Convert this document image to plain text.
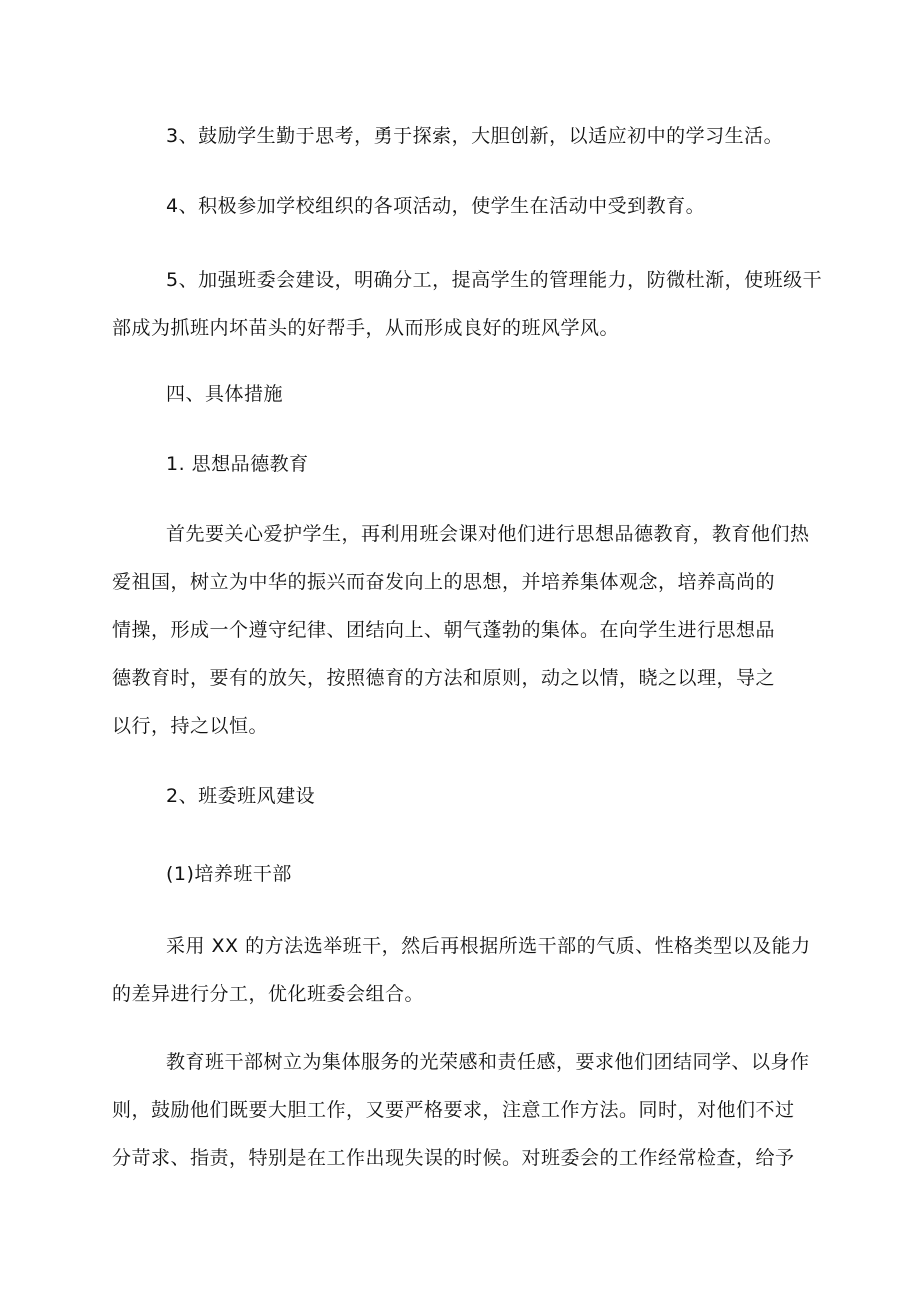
3、鼓励学生勤于思考，勇于探索，大胆创新，以适应初中的学习生活。

4、积极参加学校组织的各项活动，使学生在活动中受到教育。

5、加强班委会建设，明确分工，提高学生的管理能力，防微杜渐，使班级干
部成为抓班内坏苗头的好帮手，从而形成良好的班风学风。

四、具体措施

1. 思想品德教育

首先要关心爱护学生，再利用班会课对他们进行思想品德教育，教育他们热
爱祖国，树立为中华的振兴而奋发向上的思想，并培养集体观念，培养高尚的
情操，形成一个遵守纪律、团结向上、朝气蓬勃的集体。在向学生进行思想品
德教育时，要有的放矢，按照德育的方法和原则，动之以情，晓之以理，导之
以行，持之以恒。

2、班委班风建设

(1)培养班干部

采用 XX 的方法选举班干，然后再根据所选干部的气质、性格类型以及能力
的差异进行分工，优化班委会组合。

教育班干部树立为集体服务的光荣感和责任感，要求他们团结同学、以身作
则，鼓励他们既要大胆工作，又要严格要求，注意工作方法。同时，对他们不过
分苛求、指责，特别是在工作出现失误的时候。对班委会的工作经常检查，给予
